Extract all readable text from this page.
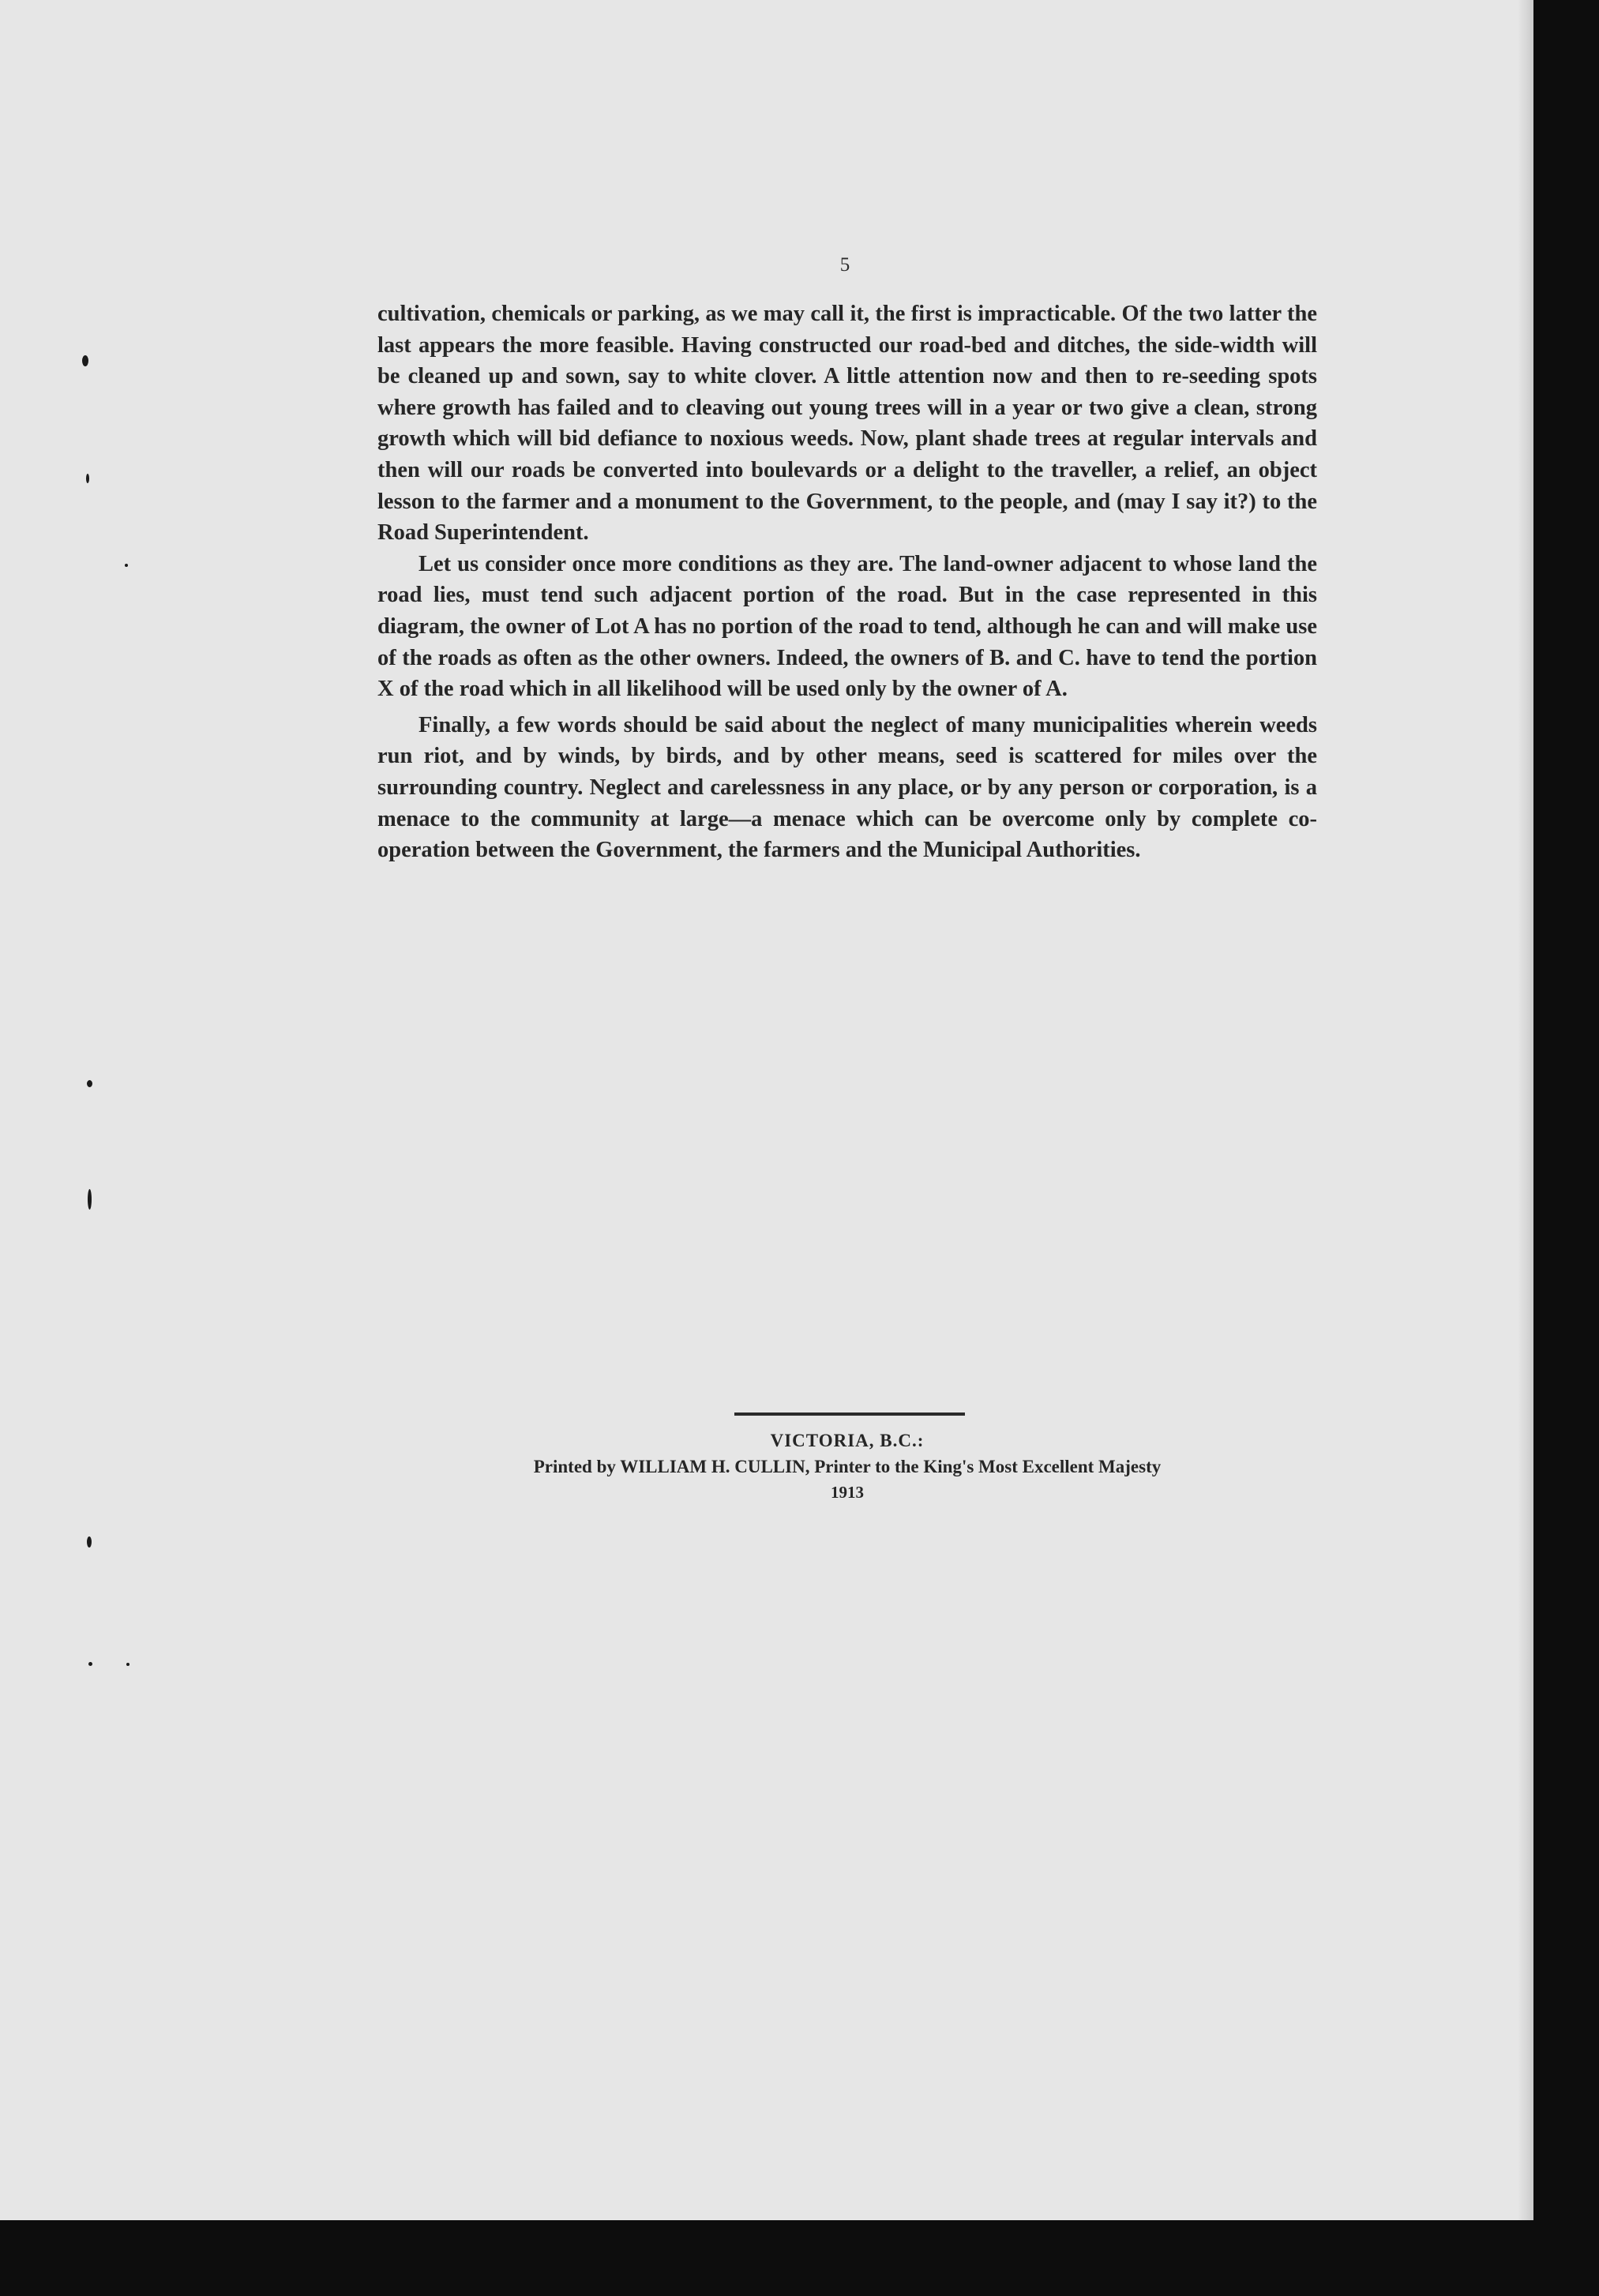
5

cultivation, chemicals or parking, as we may call it, the first is impracticable. Of the two latter the last appears the more feasible. Having constructed our road-bed and ditches, the side-width will be cleaned up and sown, say to white clover. A little attention now and then to re-seeding spots where growth has failed and to cleaving out young trees will in a year or two give a clean, strong growth which will bid defiance to noxious weeds. Now, plant shade trees at regular intervals and then will our roads be converted into boulevards or a delight to the traveller, a relief, an object lesson to the farmer and a monument to the Government, to the people, and (may I say it?) to the Road Superintendent.

Let us consider once more conditions as they are. The land-owner adjacent to whose land the road lies, must tend such adjacent portion of the road. But in the case represented in this diagram, the owner of Lot A has no portion of the road to tend, although he can and will make use of the roads as often as the other owners. Indeed, the owners of B. and C. have to tend the portion X of the road which in all likelihood will be used only by the owner of A.

Finally, a few words should be said about the neglect of many municipalities wherein weeds run riot, and by winds, by birds, and by other means, seed is scattered for miles over the surrounding country. Neglect and carelessness in any place, or by any person or corporation, is a menace to the community at large—a menace which can be overcome only by complete co-operation between the Government, the farmers and the Municipal Authorities.

VICTORIA, B.C.:
Printed by WILLIAM H. CULLIN, Printer to the King's Most Excellent Majesty
1913
